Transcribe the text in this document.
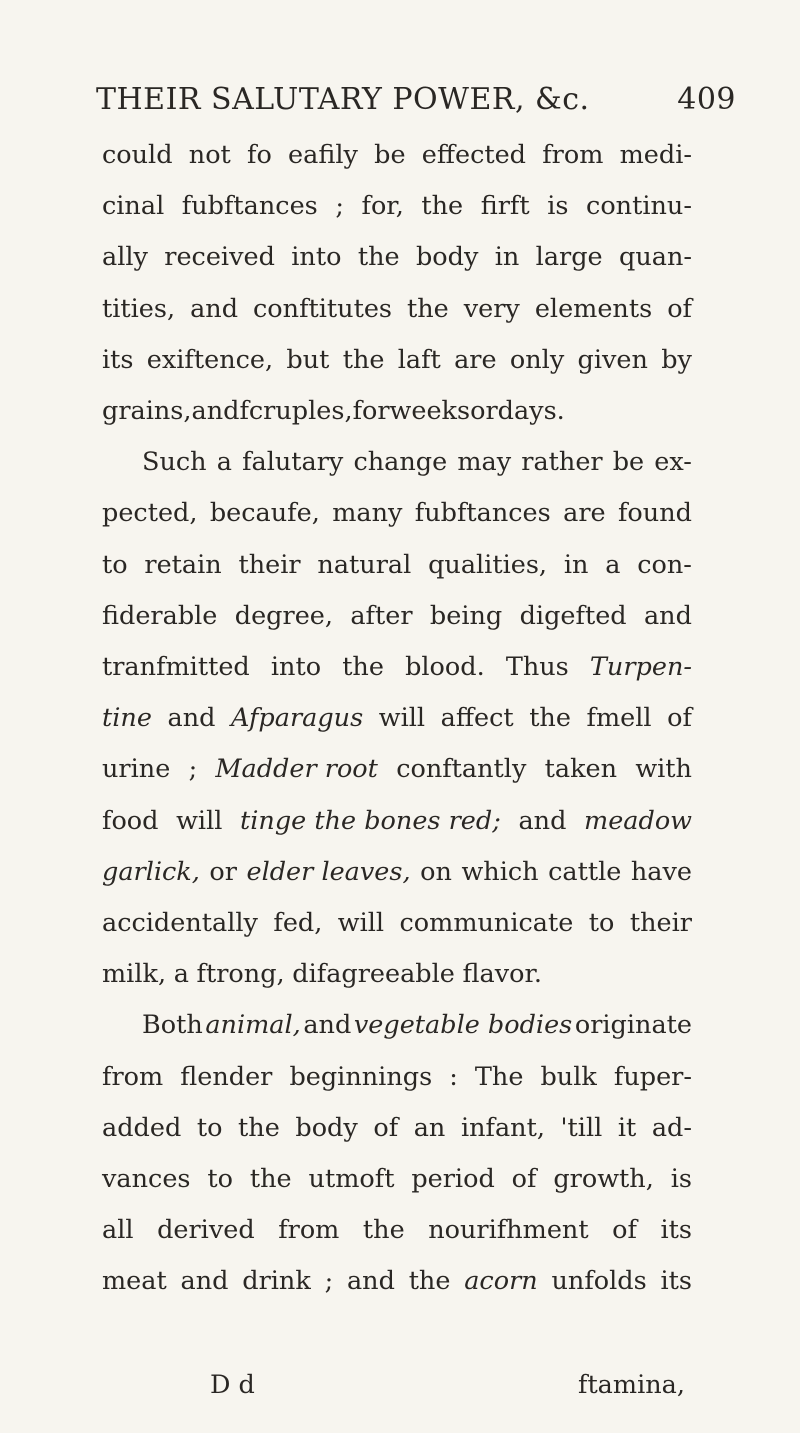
THEIR SALUTARY POWER, &c.	409
could not fo eafily be effected from medi-
cinal fubftances ; for, the firft is continu-
ally received into the body in large quan-
tities, and conftitutes the very elements of
its exiftence, but the laft are only given by
grains, and fcruples, for weeks or days.
Such a falutary change may rather be ex-
pected, becaufe, many fubftances are found
to retain their natural qualities, in a con-
fiderable degree, after being digefted and
tranfmitted into the blood. Thus Turpen-
tine and Afparagus will affect the fmell of
urine ; Madder root conftantly taken with
food will tinge the bones red; and meadow
garlick, or elder leaves, on which cattle have
accidentally fed, will communicate to their
milk, a ftrong, difagreeable flavor.
Both animal, and vegetable bodies originate
from flender beginnings : The bulk fuper-
added to the body of an infant, 'till it ad-
vances to the utmoft period of growth, is
all derived from the nourifhment of its
meat and drink ; and the acorn unfolds its
D d	ftamina,
